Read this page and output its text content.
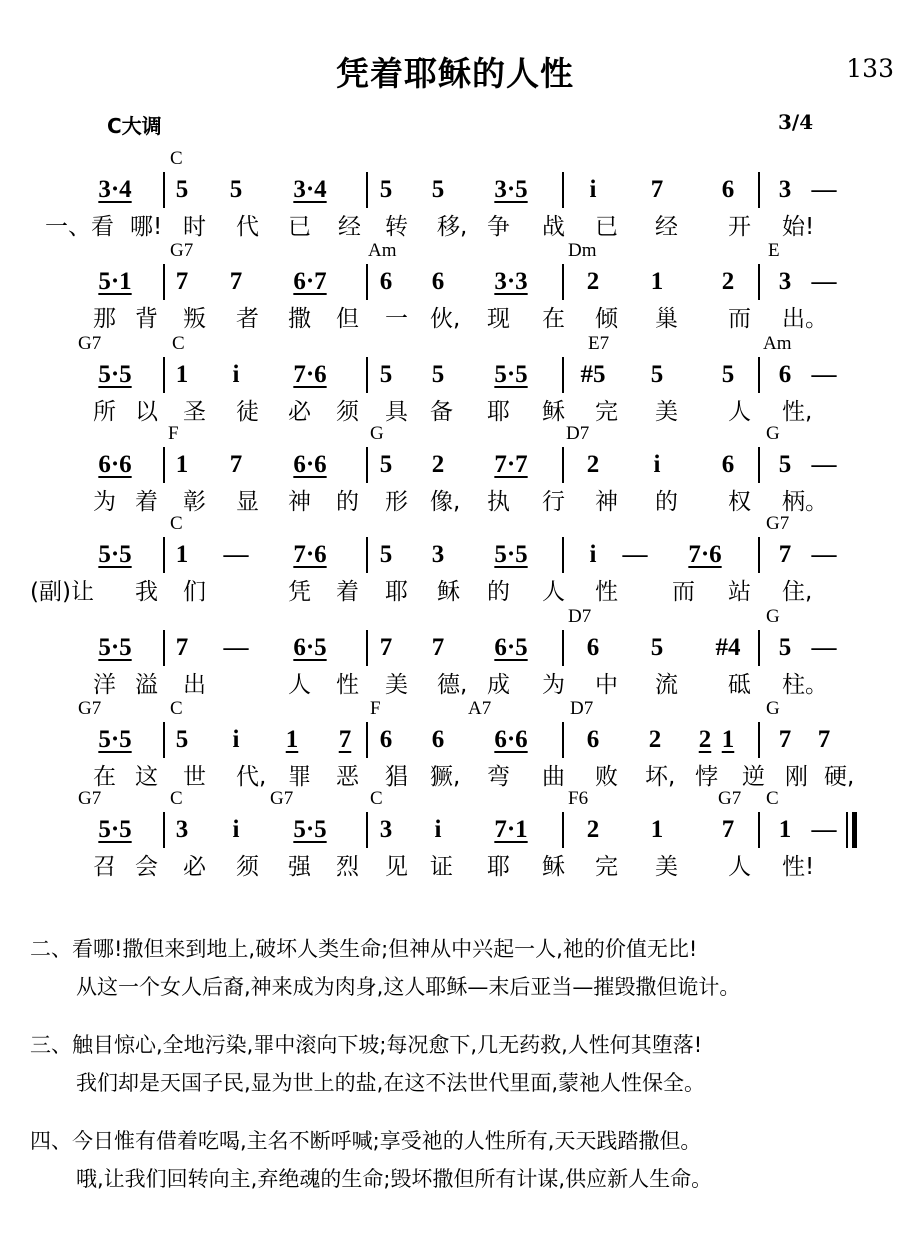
凭着耶稣的人性	133
C大调	3/4
C
3·4 5 5 3·4 5 5 3·5 i 7 6 3 —
一、看 哪! 时 代 已 经 转 移, 争 战 已 经 开 始!
G7	Am	Dm	E
5·1 7 7 6·7 6 6 3·3 2 1 2 3 —
那 背 叛 者 撒 但 一 伙, 现 在 倾 巢 而 出。
G7	C	E7	Am
5·5 1 i 7·6 5 5 5·5 #5 5 5 6 —
所 以 圣 徒 必 须 具 备 耶 稣 完 美 人 性,
F	G	D7	G
6·6 1 7 6·6 5 2 7·7 2 i 6 5 —
为 着 彰 显 神 的 形 像, 执 行 神 的 权 柄。
C	G7
5·5 1 — 7·6 5 3 5·5 i — 7·6 7 —
(副)让 我 们	凭 着 耶 稣 的 人 性 而 站 住,
D7	G
5·5 7 — 6·5 7 7 6·5 6 5 #4 5 —
洋 溢 出	人 性 美 德, 成 为 中 流 砥 柱。
G7	C	F	A7	D7	G
5·5 5 i 1 7 6 6 6·6 6 2 2 1 7 7
在 这 世 代, 罪 恶 猖 獗, 弯 曲 败 坏, 悖 逆 刚 硬,
G7	C	G7	C	F6	G7 C
5·5 3 i 5·5 3 i 7·1 2 1 7 1 —
召 会 必 须 强 烈 见 证 耶 稣 完 美 人 性!
二、看哪!撒但来到地上,破坏人类生命;但神从中兴起一人,祂的价值无比!
从这一个女人后裔,神来成为肉身,这人耶稣—末后亚当—摧毁撒但诡计。
三、触目惊心,全地污染,罪中滚向下坡;每况愈下,几无药救,人性何其堕落!
我们却是天国子民,显为世上的盐,在这不法世代里面,蒙祂人性保全。
四、今日惟有借着吃喝,主名不断呼喊;享受祂的人性所有,天天践踏撒但。
哦,让我们回转向主,弃绝魂的生命;毁坏撒但所有计谋,供应新人生命。
